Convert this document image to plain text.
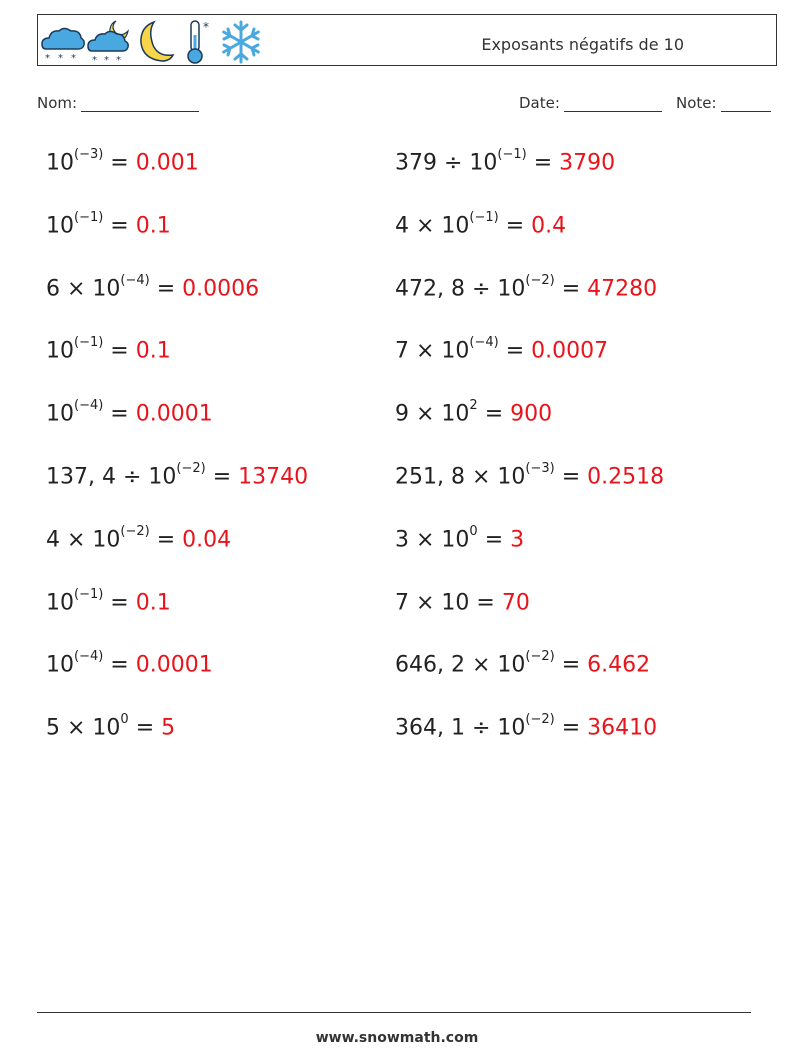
* * * * * *
*
Exposants négatifs de 10
Nom:	Date:	Note:
$10^{(-3)} = 0.001$
$10^{(-1)} = 0.1$
$6 \times 10^{(-4)} = 0.0006$
$10^{(-1)} = 0.1$
$10^{(-4)} = 0.0001$
137, $4 \div 10^{(-2)} = 13740$
$4 \times 10^{(-2)} = 0.04$
$10^{(-1)} = 0.1$
$10^{(-4)} = 0.0001$
$5 \times 10^0 = 5$
$379 \div 10^{(-1)} = 3790$
$4 \times 10^{(-1)} = 0.4$
472, $8 \div 10^{(-2)} = 47280$
$7 \times 10^{(-4)} = 0.0007$
$9 \times 10^2 = 900$
251, $8 \times 10^{(-3)} = 0.2518$
$3 \times 10^0 = 3$
7 × 10 = 70
646, $2 \times 10^{(-2)} = 6.462$
364, $1 \div 10^{(-2)} = 36410$
www.snowmath.com
